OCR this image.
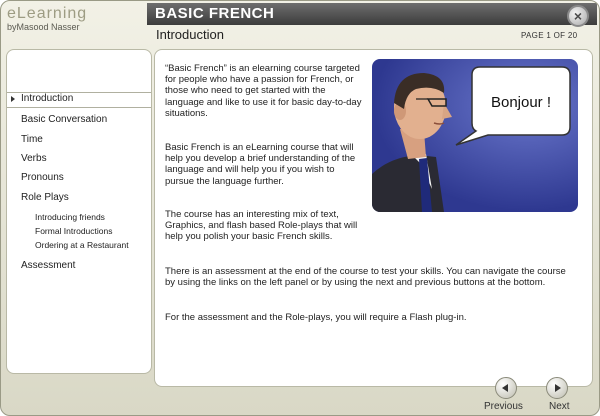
eLearning
byMasood Nasser
BASIC FRENCH	×
Introduction	PAGE 1 OF 20
Introduction
Basic Conversation
Time
Verbs
Pronouns
Role Plays
Introducing friends
Formal Introductions
Ordering at a Restaurant
Assessment

“Basic French” is an elearning course targeted for people who have a passion for French, or those who need to get started with the language and like to use it for basic day-to-day situations.

Basic French is an eLearning course that will help you develop a brief understanding of the language and will help you if you wish to pursue the language further.

The course has an interesting mix of text, Graphics, and flash based Role-plays that will help you polish your basic French skills.

There is an assessment at the end of the course to test your skills. You can navigate the course by using the links on the left panel or by using the next and previous buttons at the bottom.

For the assessment and the Role-plays, you will require a Flash plug-in.

Bonjour !
Previous	Next
